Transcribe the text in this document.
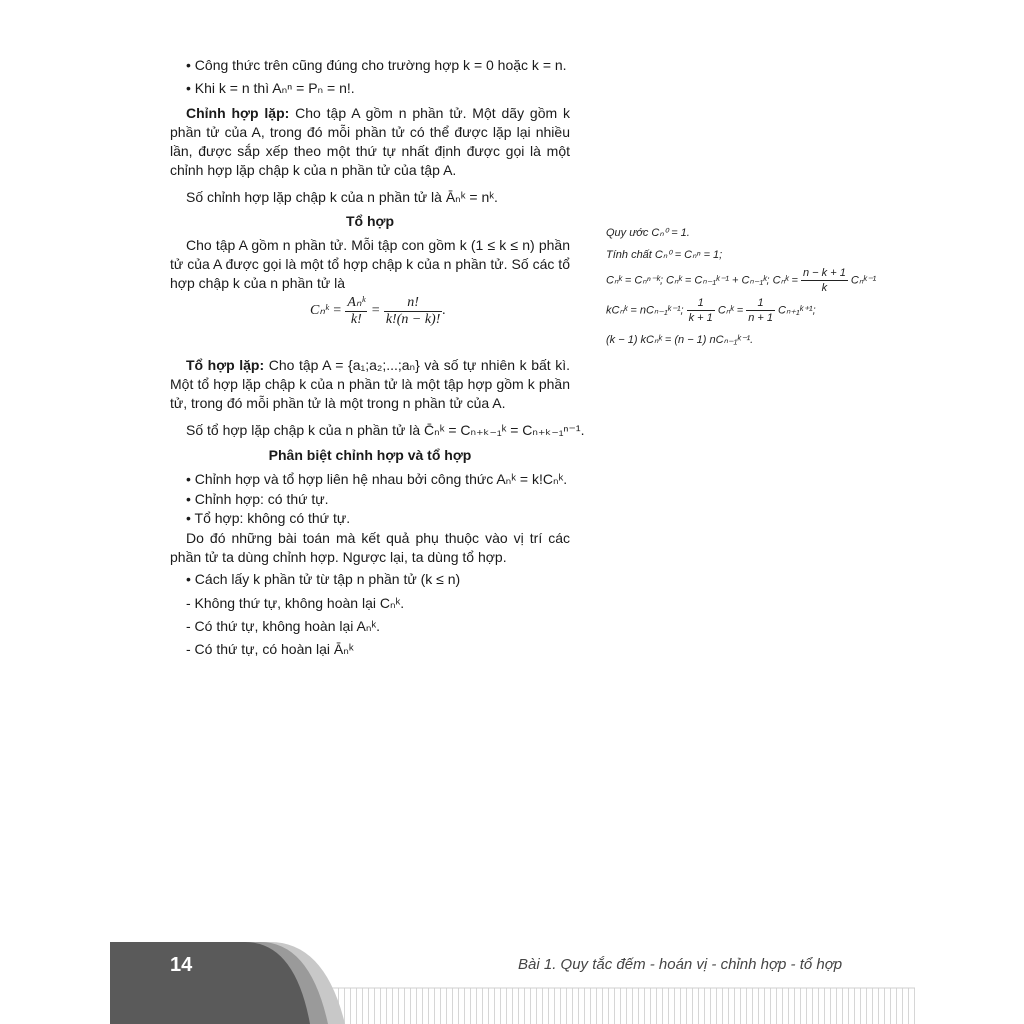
• Công thức trên cũng đúng cho trường hợp k = 0 hoặc k = n.
• Khi k = n thì Aₙⁿ = Pₙ = n!.
Chỉnh hợp lặp: Cho tập A gồm n phần tử. Một dãy gồm k phần tử của A, trong đó mỗi phần tử có thể được lặp lại nhiều lần, được sắp xếp theo một thứ tự nhất định được gọi là một chỉnh hợp lặp chập k của n phần tử của tập A.
Số chỉnh hợp lặp chập k của n phần tử là Āₙᵏ = nᵏ.
Tổ hợp
Cho tập A gồm n phần tử. Mỗi tập con gồm k (1 ≤ k ≤ n) phần tử của A được gọi là một tổ hợp chập k của n phần tử. Số các tổ hợp chập k của n phần tử là
Cₙᵏ = $\frac{\text{Aₙᵏ}}{k!} = \frac{n!}{k!(n - k)!}$ .
Tổ hợp lặp: Cho tập A = {a₁;a₂;...;aₙ} và số tự nhiên k bất kì. Một tổ hợp lặp chập k của n phần tử là một tập hợp gồm k phần tử, trong đó mỗi phần tử là một trong n phần tử của A.
Số tổ hợp lặp chập k của n phần tử là C̄ₙᵏ = Cₙ₊ₖ₋₁ᵏ = Cₙ₊ₖ₋₁ⁿ⁻¹.
Phân biệt chỉnh hợp và tổ hợp
• Chỉnh hợp và tổ hợp liên hệ nhau bởi công thức Aₙᵏ = k!Cₙᵏ.
• Chỉnh hợp: có thứ tự.
• Tổ hợp: không có thứ tự.
Do đó những bài toán mà kết quả phụ thuộc vào vị trí các phần tử ta dùng chỉnh hợp. Ngược lại, ta dùng tổ hợp.
• Cách lấy k phần tử từ tập n phần tử (k ≤ n)
- Không thứ tự, không hoàn lại Cₙᵏ.
- Có thứ tự, không hoàn lại Aₙᵏ.
- Có thứ tự, có hoàn lại Āₙᵏ
Quy ước Cₙ⁰ = 1.
Tính chất Cₙ⁰ = Cₙⁿ = 1;
Cₙᵏ = Cₙⁿ⁻ᵏ; Cₙᵏ = Cₙ₋₁ᵏ⁻¹ + Cₙ₋₁ᵏ; Cₙᵏ = $\frac{n - k + 1}{k}$ Cₙᵏ⁻¹
kCₙᵏ = nCₙ₋₁ᵏ⁻¹; $\frac{1}{k + 1}$ Cₙᵏ = $\frac{1}{n + 1}$ Cₙ₊₁ᵏ⁺¹;
(k − 1) kCₙᵏ = (n − 1) nCₙ₋₁ᵏ⁻¹.
14	Bài 1. Quy tắc đếm - hoán vị - chỉnh hợp - tổ hợp
